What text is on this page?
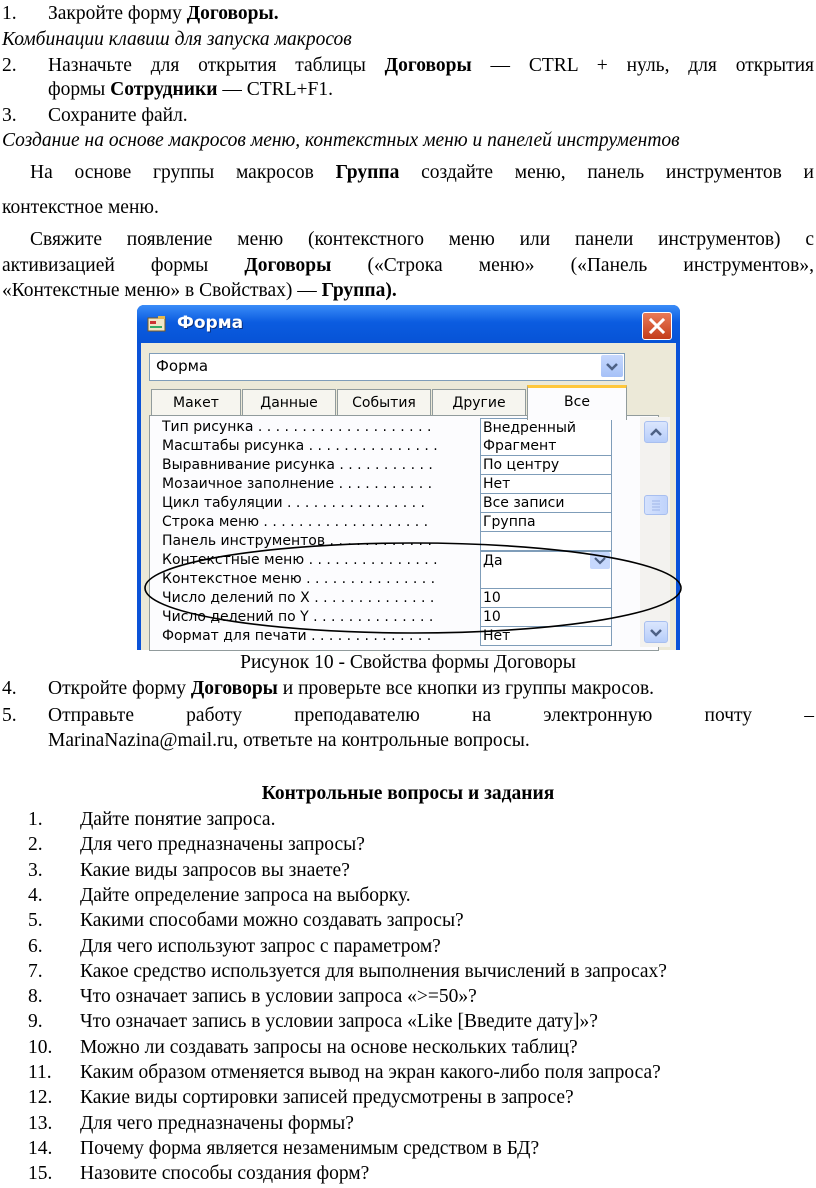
1. Закройте форму Договоры.
Комбинации клавиш для запуска макросов
2. Назначьте для открытия таблицы Договоры — CTRL + нуль, для открытия
формы Сотрудники — CTRL+F1.
3. Сохраните файл.
Создание на основе макросов меню, контекстных меню и панелей инструментов
На основе группы макросов Группа создайте меню, панель инструментов и
контекстное меню.
Свяжите появление меню (контекстного меню или панели инструментов) с
активизацией формы Договоры («Строка меню» («Панель инструментов»,
«Контекстные меню» в Свойствах) — Группа).
Форма
Форма
Макет	Данные	События	Другие	Все
Тип рисунка . . . . . . . . . . . . . . . . . . . .	Внедренный
Масштабы рисунка . . . . . . . . . . . . . . .	Фрагмент
Выравнивание рисунка . . . . . . . . . . .	По центру
Мозаичное заполнение . . . . . . . . . . .	Нет
Цикл табуляции . . . . . . . . . . . . . . . .	Все записи
Строка меню . . . . . . . . . . . . . . . . . . .	Группа
Панель инструментов . . . . . . . . . . . .
Контекстные меню . . . . . . . . . . . . . . .	Да
Контекстное меню . . . . . . . . . . . . . . .
Число делений по X . . . . . . . . . . . . . .	10
Число делений по Y . . . . . . . . . . . . . .	10
Формат для печати . . . . . . . . . . . . . .	Нет
Рисунок 10 - Свойства формы Договоры
4. Откройте форму Договоры и проверьте все кнопки из группы макросов.
5. Отправьте работу преподавателю на электронную почту –
MarinaNazina@mail.ru, ответьте на контрольные вопросы.
Контрольные вопросы и задания
1. Дайте понятие запроса.
2. Для чего предназначены запросы?
3. Какие виды запросов вы знаете?
4. Дайте определение запроса на выборку.
5. Какими способами можно создавать запросы?
6. Для чего используют запрос с параметром?
7. Какое средство используется для выполнения вычислений в запросах?
8. Что означает запись в условии запроса «>=50»?
9. Что означает запись в условии запроса «Like [Введите дату]»?
10. Можно ли создавать запросы на основе нескольких таблиц?
11. Каким образом отменяется вывод на экран какого-либо поля запроса?
12. Какие виды сортировки записей предусмотрены в запросе?
13. Для чего предназначены формы?
14. Почему форма является незаменимым средством в БД?
15. Назовите способы создания форм?
